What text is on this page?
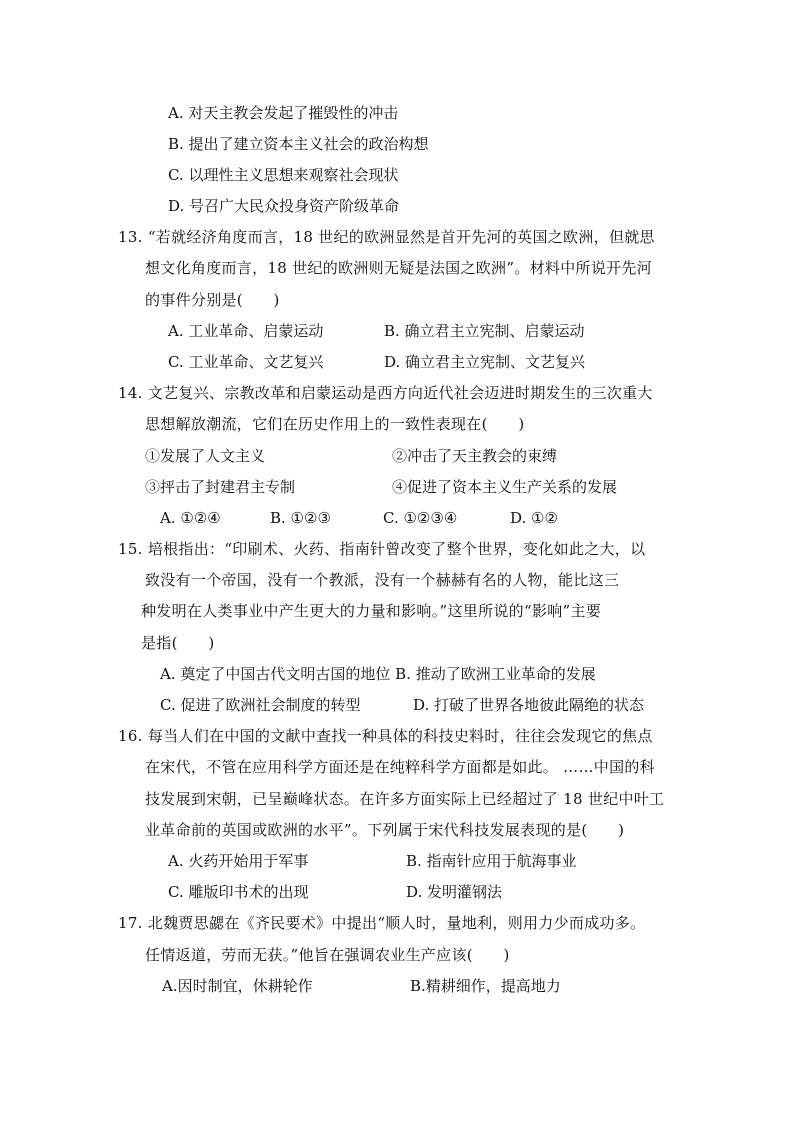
A. 对天主教会发起了摧毁性的冲击
B. 提出了建立资本主义社会的政治构想
C. 以理性主义思想来观察社会现状
D. 号召广大民众投身资产阶级革命
13. “若就经济角度而言，18 世纪的欧洲显然是首开先河的英国之欧洲，但就思
想文化角度而言，18 世纪的欧洲则无疑是法国之欧洲”。材料中所说开先河
的事件分别是(　　)
A. 工业革命、启蒙运动	B. 确立君主立宪制、启蒙运动
C. 工业革命、文艺复兴	D. 确立君主立宪制、文艺复兴
14. 文艺复兴、宗教改革和启蒙运动是西方向近代社会迈进时期发生的三次重大
思想解放潮流，它们在历史作用上的一致性表现在(　　)
①发展了人文主义	②冲击了天主教会的束缚
③抨击了封建君主专制	④促进了资本主义生产关系的发展
A. ①②④	B. ①②③	C. ①②③④	D. ①②
15. 培根指出：“印刷术、火药、指南针曾改变了整个世界，变化如此之大，以
致没有一个帝国，没有一个教派，没有一个赫赫有名的人物，能比这三
种发明在人类事业中产生更大的力量和影响。”这里所说的“影响”主要
是指(　　)
A. 奠定了中国古代文明古国的地位 B. 推动了欧洲工业革命的发展
C. 促进了欧洲社会制度的转型	D. 打破了世界各地彼此隔绝的状态
16. 每当人们在中国的文献中查找一种具体的科技史料时，往往会发现它的焦点
在宋代，不管在应用科学方面还是在纯粹科学方面都是如此。 ……中国的科
技发展到宋朝，已呈巅峰状态。在许多方面实际上已经超过了 18 世纪中叶工
业革命前的英国或欧洲的水平”。下列属于宋代科技发展表现的是(　　)
A. 火药开始用于军事	B. 指南针应用于航海事业
C. 雕版印书术的出现	D. 发明灌钢法
17. 北魏贾思勰在《齐民要术》中提出“顺人时，量地利，则用力少而成功多。
任情返道，劳而无获。”他旨在强调农业生产应该(　　)
A.因时制宜，休耕轮作	B.精耕细作，提高地力
